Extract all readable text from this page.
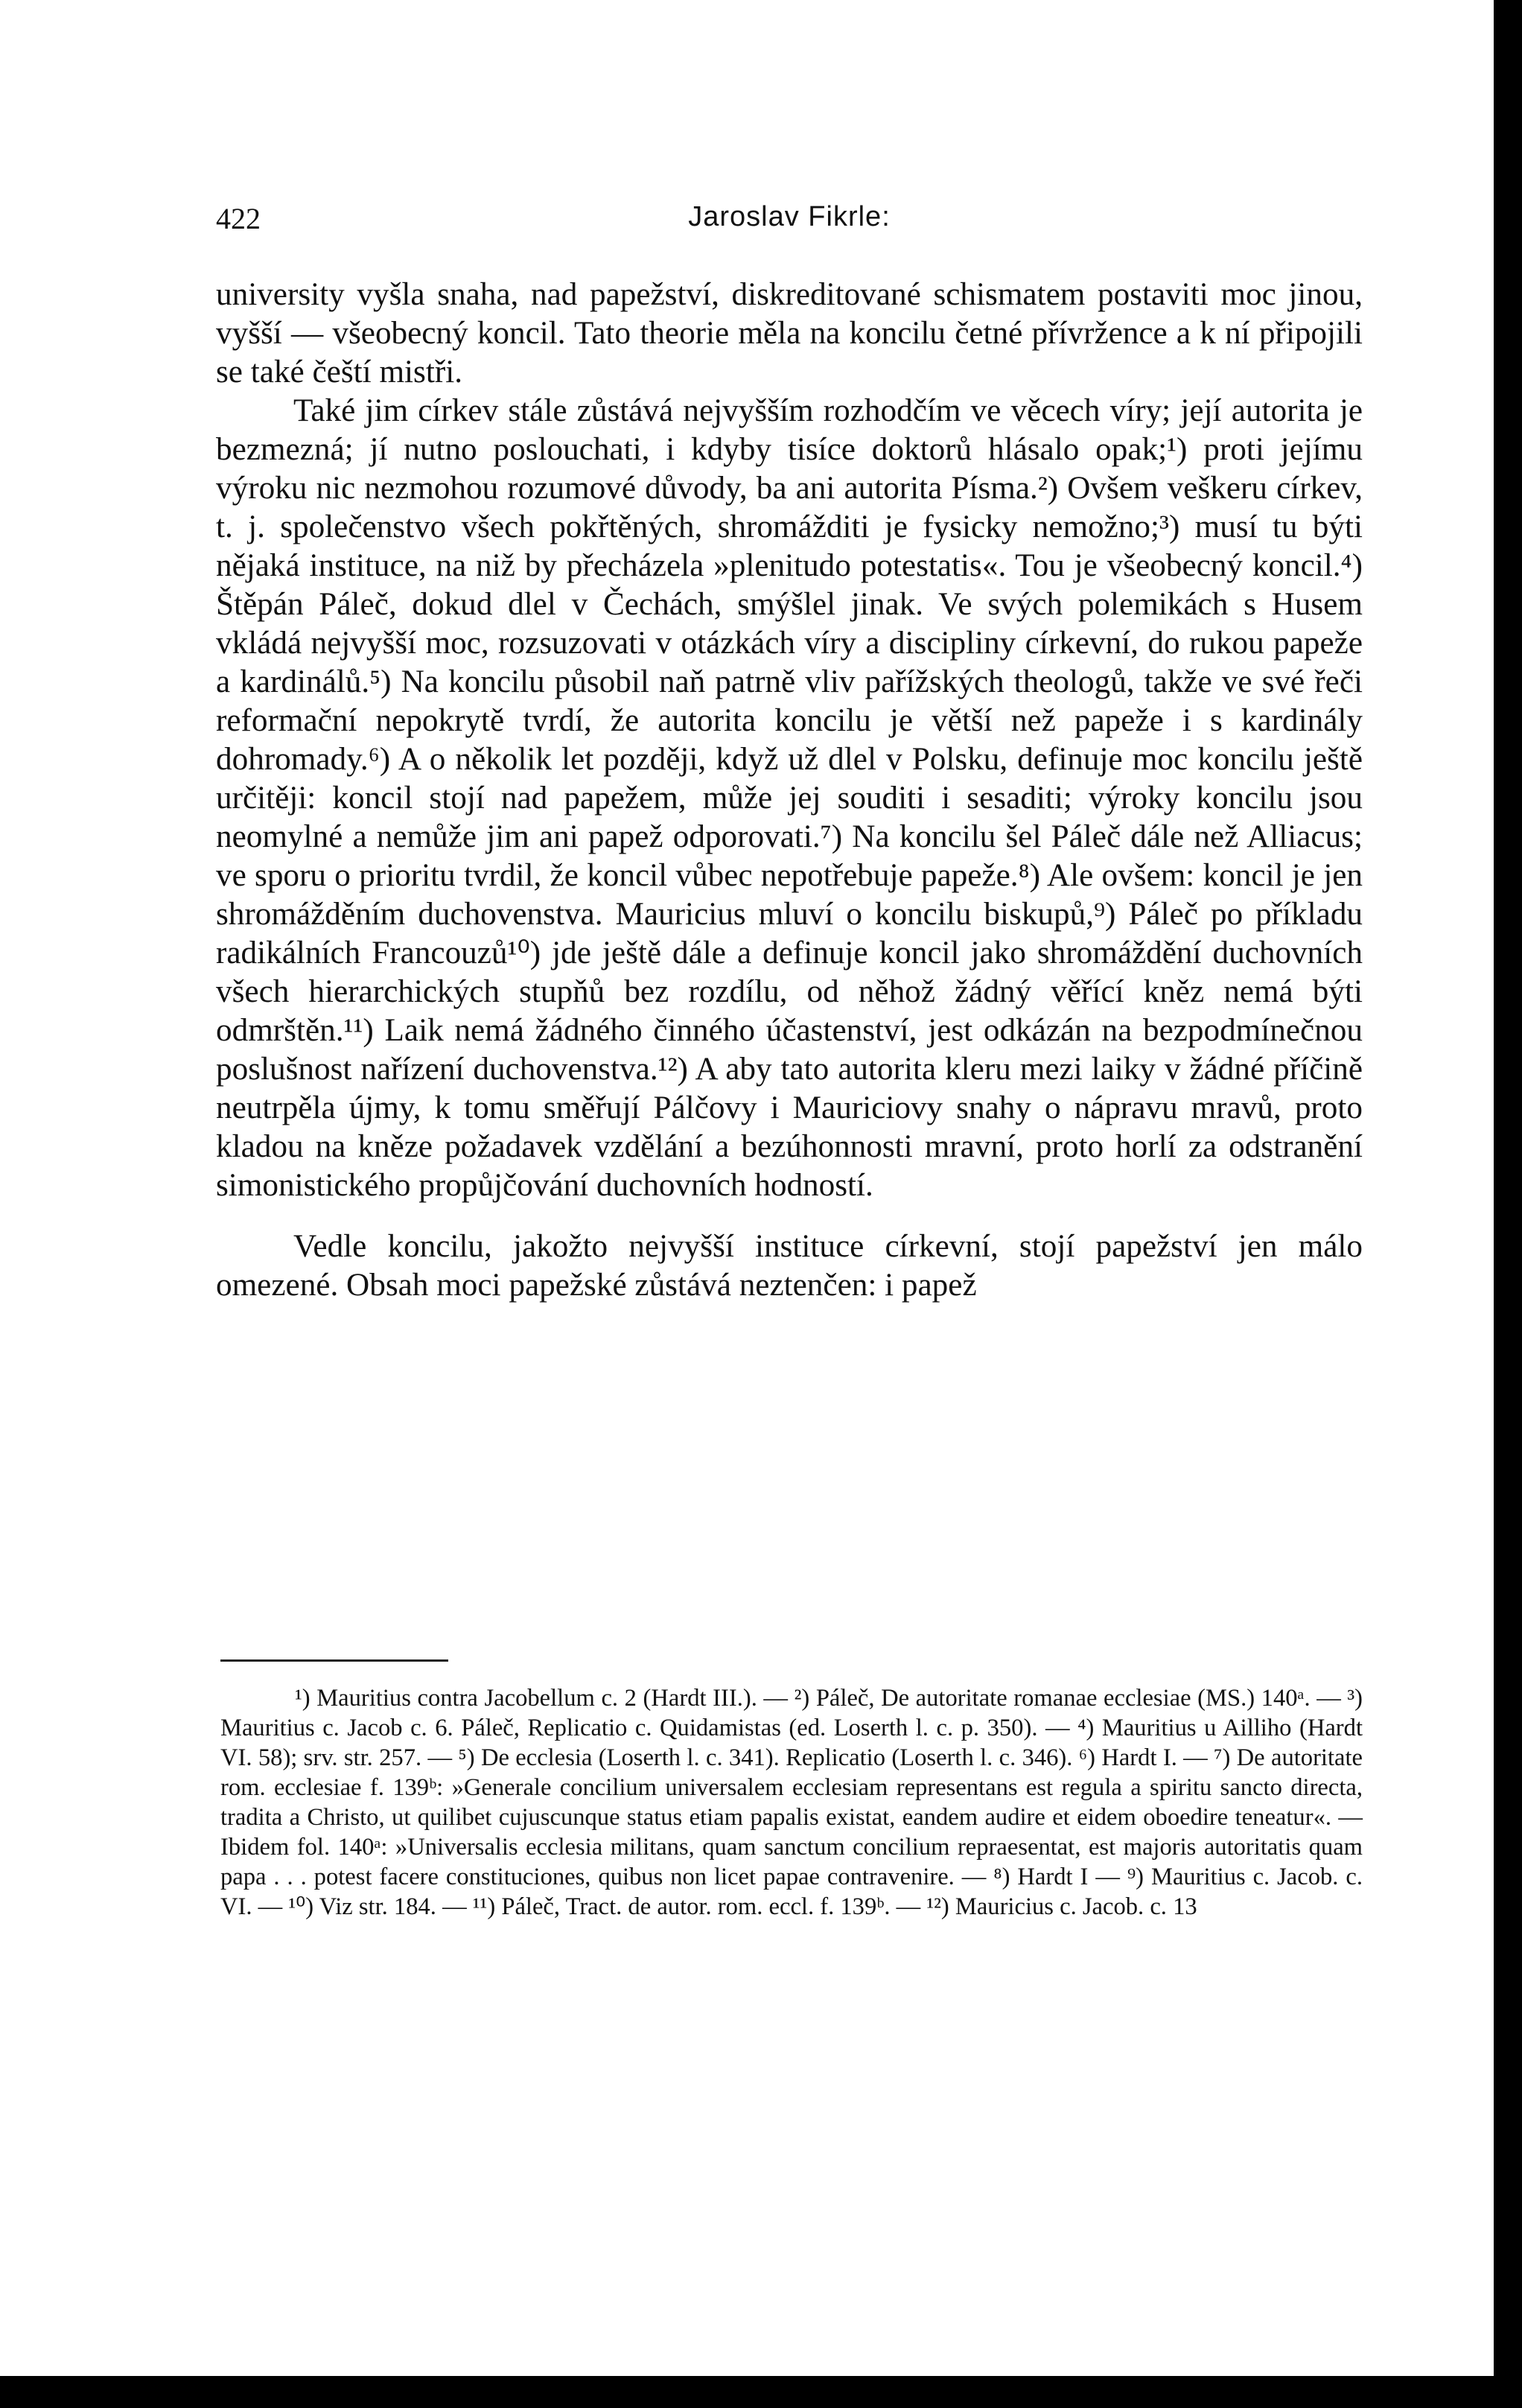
422	Jaroslav Fikrle:

university vyšla snaha, nad papežství, diskreditované schismatem postaviti moc jinou, vyšší — všeobecný koncil. Tato theorie měla na koncilu četné přívržence a k ní připojili se také čeští mistři.

Také jim církev stále zůstává nejvyšším rozhodčím ve věcech víry; její autorita je bezmezná; jí nutno poslouchati, i kdyby tisíce doktorů hlásalo opak;¹) proti jejímu výroku nic nezmohou rozumové důvody, ba ani autorita Písma.²) Ovšem veškeru církev, t. j. společenstvo všech pokřtěných, shromážditi je fysicky nemožno;³) musí tu býti nějaká instituce, na niž by přecházela »plenitudo potestatis«. Tou je všeobecný koncil.⁴) Štěpán Páleč, dokud dlel v Čechách, smýšlel jinak. Ve svých polemikách s Husem vkládá nejvyšší moc, rozsuzovati v otázkách víry a discipliny církevní, do rukou papeže a kardinálů.⁵) Na koncilu působil naň patrně vliv pařížských theologů, takže ve své řeči reformační nepokrytě tvrdí, že autorita koncilu je větší než papeže i s kardinály dohromady.⁶) A o několik let později, když už dlel v Polsku, definuje moc koncilu ještě určitěji: koncil stojí nad papežem, může jej souditi i sesaditi; výroky koncilu jsou neomylné a nemůže jim ani papež odporovati.⁷) Na koncilu šel Páleč dále než Alliacus; ve sporu o prioritu tvrdil, že koncil vůbec nepotřebuje papeže.⁸) Ale ovšem: koncil je jen shromážděním duchovenstva. Mauricius mluví o koncilu biskupů,⁹) Páleč po příkladu radikálních Francouzů¹⁰) jde ještě dále a definuje koncil jako shromáždění duchovních všech hierarchických stupňů bez rozdílu, od něhož žádný věřící kněz nemá býti odmrštěn.¹¹) Laik nemá žádného činného účastenství, jest odkázán na bezpodmínečnou poslušnost nařízení duchovenstva.¹²) A aby tato autorita kleru mezi laiky v žádné příčině neutrpěla újmy, k tomu směřují Pálčovy i Mauriciovy snahy o nápravu mravů, proto kladou na kněze požadavek vzdělání a bezúhonnosti mravní, proto horlí za odstranění simonistického propůjčování duchovních hodností.

Vedle koncilu, jakožto nejvyšší instituce církevní, stojí papežství jen málo omezené. Obsah moci papežské zůstává neztenčen: i papež

¹) Mauritius contra Jacobellum c. 2 (Hardt III.). — ²) Páleč, De autoritate romanae ecclesiae (MS.) 140ᵃ. — ³) Mauritius c. Jacob c. 6. Páleč, Replicatio c. Quidamistas (ed. Loserth l. c. p. 350). — ⁴) Mauritius u Ailliho (Hardt VI. 58); srv. str. 257. — ⁵) De ecclesia (Loserth l. c. 341). Replicatio (Loserth l. c. 346). ⁶) Hardt I. — ⁷) De autoritate rom. ecclesiae f. 139ᵇ: »Generale concilium universalem ecclesiam representans est regula a spiritu sancto directa, tradita a Christo, ut quilibet cujuscunque status etiam papalis existat, eandem audire et eidem oboedire teneatur«. — Ibidem fol. 140ᵃ: »Universalis ecclesia militans, quam sanctum concilium repraesentat, est majoris autoritatis quam papa . . . potest facere constituciones, quibus non licet papae contravenire. — ⁸) Hardt I — ⁹) Mauritius c. Jacob. c. VI. — ¹⁰) Viz str. 184. — ¹¹) Páleč, Tract. de autor. rom. eccl. f. 139ᵇ. — ¹²) Mauricius c. Jacob. c. 13
